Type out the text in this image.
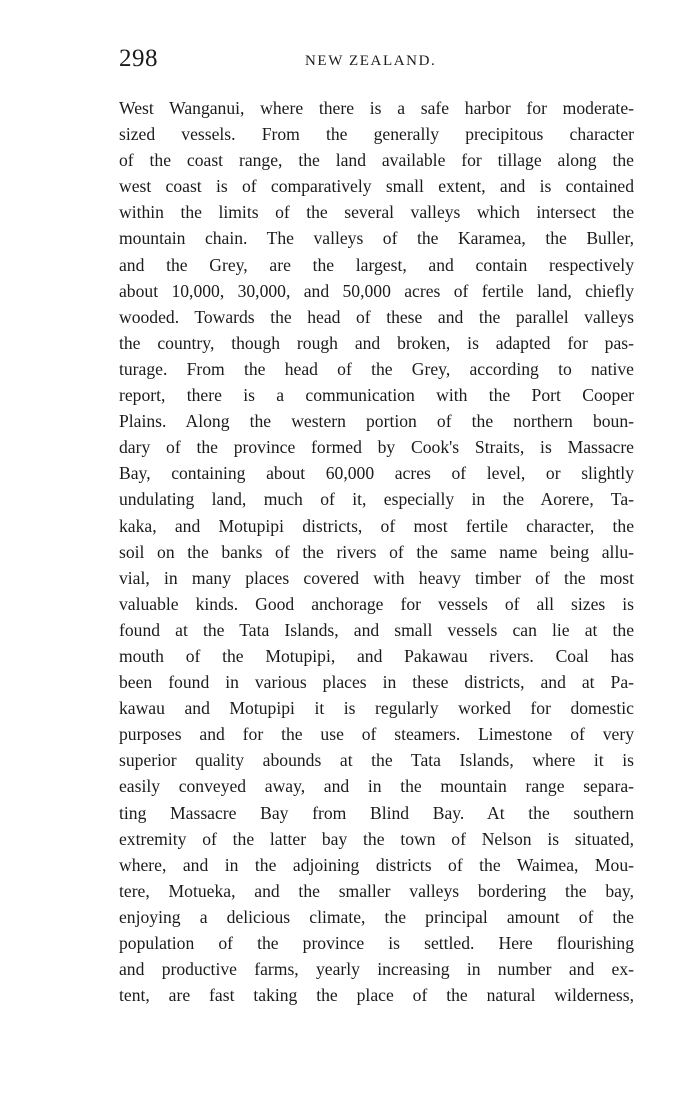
298	NEW ZEALAND.
West Wanganui, where there is a safe harbor for moderate-
sized vessels. From the generally precipitous character
of the coast range, the land available for tillage along the
west coast is of comparatively small extent, and is contained
within the limits of the several valleys which intersect the
mountain chain. The valleys of the Karamea, the Buller,
and the Grey, are the largest, and contain respectively
about 10,000, 30,000, and 50,000 acres of fertile land, chiefly
wooded. Towards the head of these and the parallel valleys
the country, though rough and broken, is adapted for pas-
turage. From the head of the Grey, according to native
report, there is a communication with the Port Cooper
Plains. Along the western portion of the northern boun-
dary of the province formed by Cook's Straits, is Massacre
Bay, containing about 60,000 acres of level, or slightly
undulating land, much of it, especially in the Aorere, Ta-
kaka, and Motupipi districts, of most fertile character, the
soil on the banks of the rivers of the same name being allu-
vial, in many places covered with heavy timber of the most
valuable kinds. Good anchorage for vessels of all sizes is
found at the Tata Islands, and small vessels can lie at the
mouth of the Motupipi, and Pakawau rivers. Coal has
been found in various places in these districts, and at Pa-
kawau and Motupipi it is regularly worked for domestic
purposes and for the use of steamers. Limestone of very
superior quality abounds at the Tata Islands, where it is
easily conveyed away, and in the mountain range separa-
ting Massacre Bay from Blind Bay. At the southern
extremity of the latter bay the town of Nelson is situated,
where, and in the adjoining districts of the Waimea, Mou-
tere, Motueka, and the smaller valleys bordering the bay,
enjoying a delicious climate, the principal amount of the
population of the province is settled. Here flourishing
and productive farms, yearly increasing in number and ex-
tent, are fast taking the place of the natural wilderness,
